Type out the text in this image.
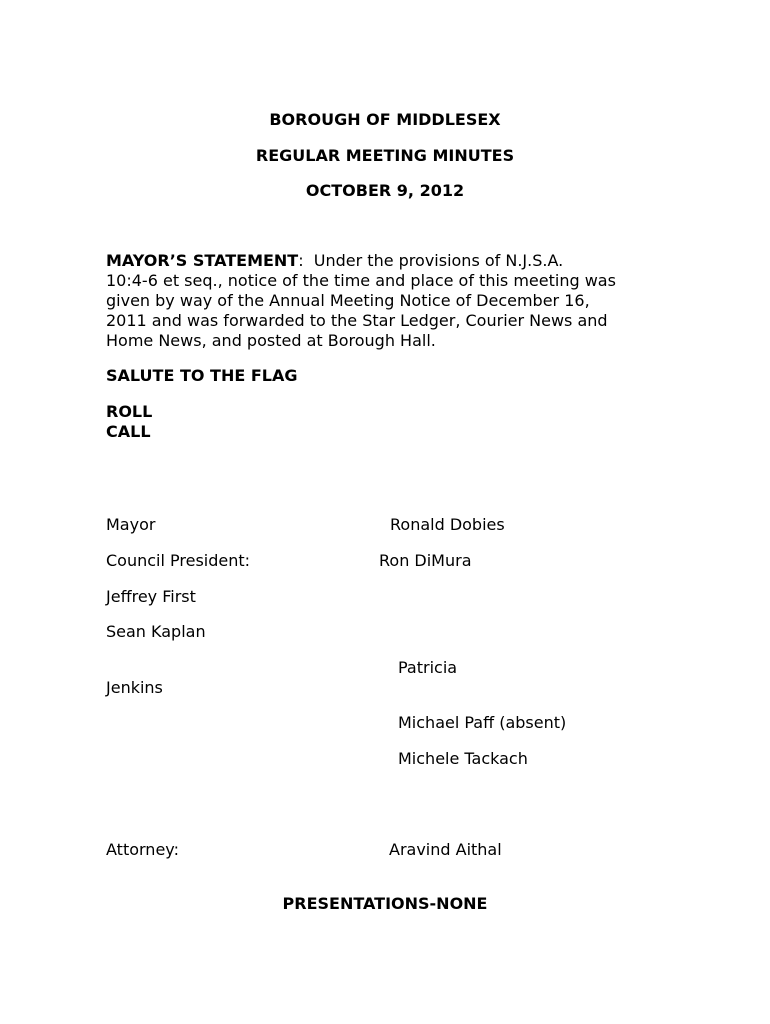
BOROUGH OF MIDDLESEX
REGULAR MEETING MINUTES
OCTOBER 9, 2012
MAYOR’S STATEMENT:  Under the provisions of N.J.S.A.
10:4-6 et seq., notice of the time and place of this meeting was
given by way of the Annual Meeting Notice of December 16,
2011 and was forwarded to the Star Ledger, Courier News and
Home News, and posted at Borough Hall.
SALUTE TO THE FLAG
ROLL
CALL
Mayor	Ronald Dobies
Council President:	Ron DiMura
Jeffrey First
Sean Kaplan
Patricia
Jenkins
Michael Paff (absent)
Michele Tackach
Attorney:	Aravind Aithal
PRESENTATIONS-NONE
